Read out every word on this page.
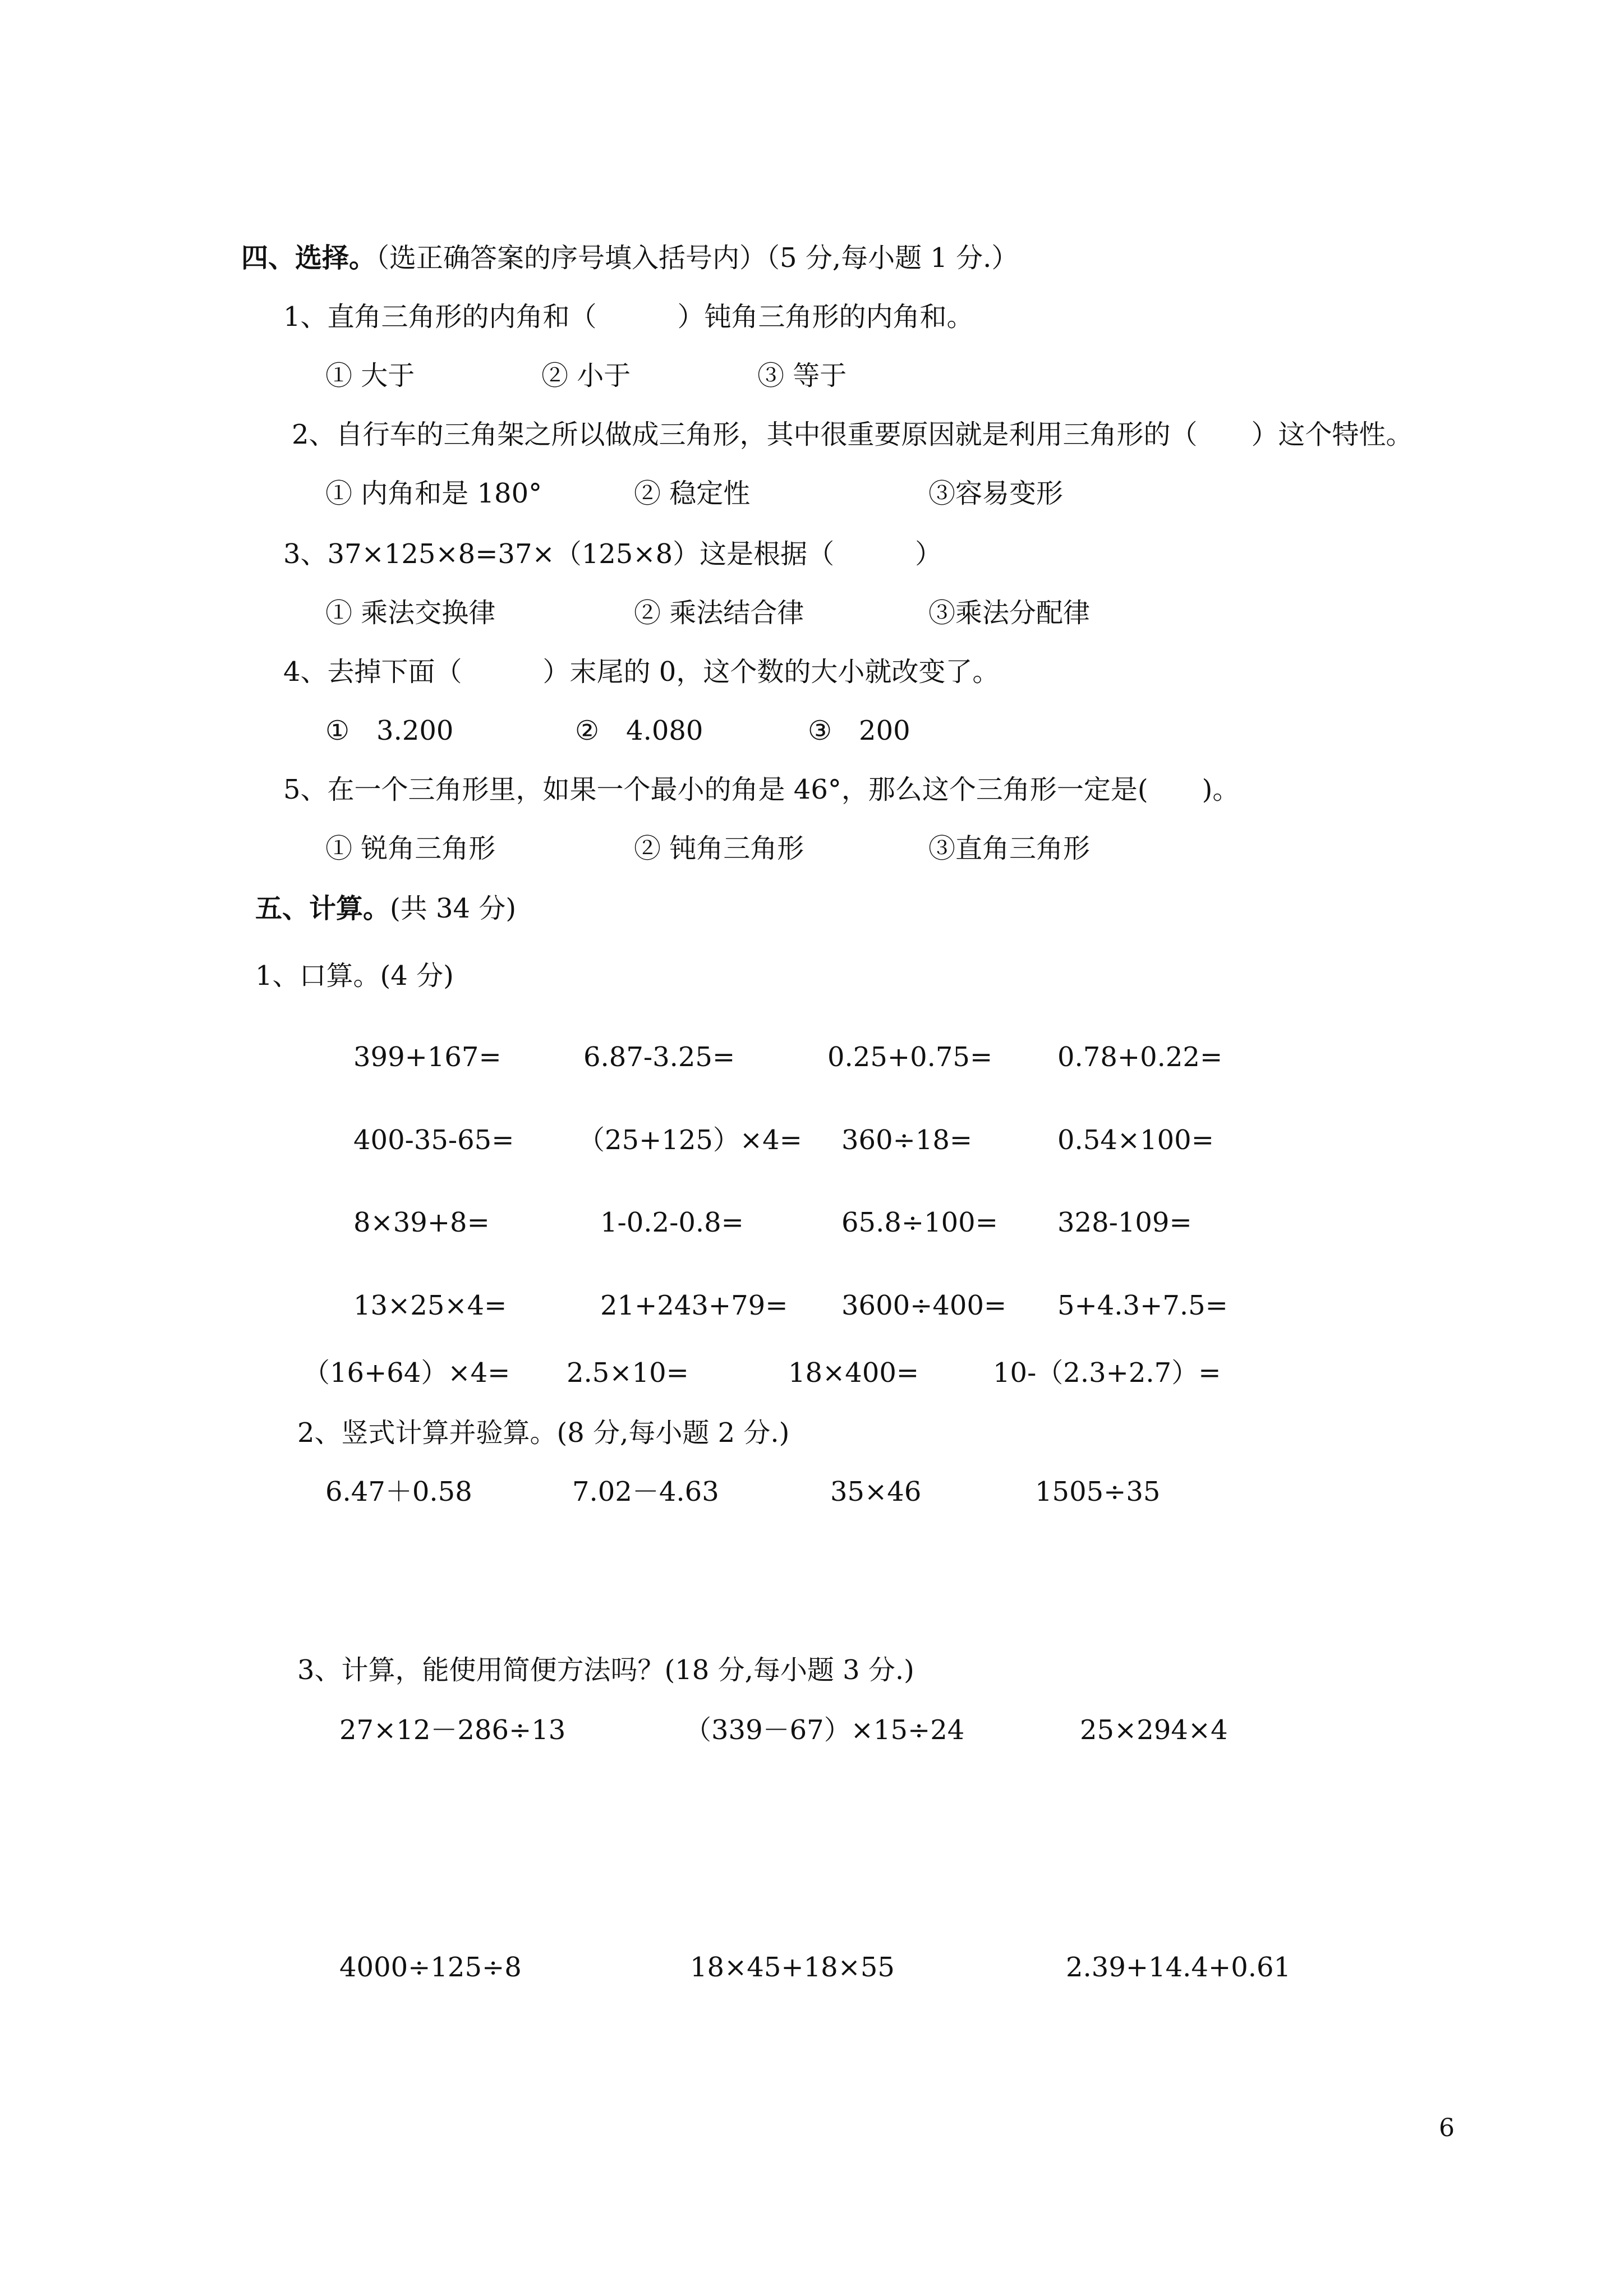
四、选择。（选正确答案的序号填入括号内）（5 分,每小题 1 分.）
1、直角三角形的内角和（　　　）钝角三角形的内角和。
① 大于	② 小于	③ 等于
2、自行车的三角架之所以做成三角形，其中很重要原因就是利用三角形的（　　）这个特性。
① 内角和是 180°	② 稳定性	③容易变形
3、37×125×8=37×（125×8）这是根据（　　　）
① 乘法交换律	② 乘法结合律	③乘法分配律
4、去掉下面（　　　）末尾的 0，这个数的大小就改变了。
①　3.200	②　4.080	③　200
5、在一个三角形里，如果一个最小的角是 46°，那么这个三角形一定是(　　)。
① 锐角三角形	② 钝角三角形	③直角三角形
五、计算。(共 34 分)
1、口算。(4 分)
399+167=	6.87-3.25=	0.25+0.75= 0.78+0.22=
400-35-65= （25+125）×4= 360÷18=	0.54×100=
8×39+8=	1-0.2-0.8=	65.8÷100= 328-109=
13×25×4=	21+243+79= 3600÷400= 5+4.3+7.5=
（16+64）×4= 2.5×10=	18×400=	10-（2.3+2.7）=
2、竖式计算并验算。(8 分,每小题 2 分.)
6.47＋0.58	7.02－4.63	35×46	1505÷35
3、计算，能使用简便方法吗？(18 分,每小题 3 分.)
27×12－286÷13	（339－67）×15÷24	25×294×4
4000÷125÷8	18×45+18×55	2.39+14.4+0.61
6
